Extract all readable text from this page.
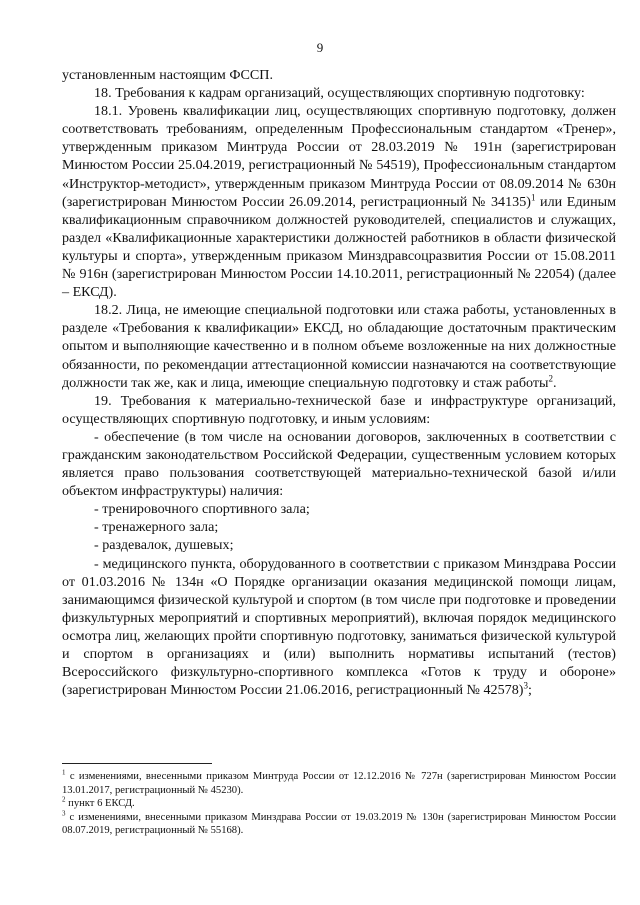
9

установленным настоящим ФССП.

18. Требования к кадрам организаций, осуществляющих спортивную подготовку:

18.1. Уровень квалификации лиц, осуществляющих спортивную подготовку, должен соответствовать требованиям, определенным Профессиональным стандартом «Тренер», утвержденным приказом Минтруда России от 28.03.2019 № 191н (зарегистрирован Минюстом России 25.04.2019, регистрационный № 54519), Профессиональным стандартом «Инструктор-методист», утвержденным приказом Минтруда России от 08.09.2014 № 630н (зарегистрирован Минюстом России 26.09.2014, регистрационный № 34135)$^1$ или Единым квалификационным справочником должностей руководителей, специалистов и служащих, раздел «Квалификационные характеристики должностей работников в области физической культуры и спорта», утвержденным приказом Минздравсоцразвития России от 15.08.2011 № 916н (зарегистрирован Минюстом России 14.10.2011, регистрационный № 22054) (далее – ЕКСД).

18.2. Лица, не имеющие специальной подготовки или стажа работы, установленных в разделе «Требования к квалификации» ЕКСД, но обладающие достаточным практическим опытом и выполняющие качественно и в полном объеме возложенные на них должностные обязанности, по рекомендации аттестационной комиссии назначаются на соответствующие должности так же, как и лица, имеющие специальную подготовку и стаж работы$^2$.

19. Требования к материально-технической базе и инфраструктуре организаций, осуществляющих спортивную подготовку, и иным условиям:

- обеспечение (в том числе на основании договоров, заключенных в соответствии с гражданским законодательством Российской Федерации, существенным условием которых является право пользования соответствующей материально-технической базой и/или объектом инфраструктуры) наличия:

- тренировочного спортивного зала;

- тренажерного зала;

- раздевалок, душевых;

- медицинского пункта, оборудованного в соответствии с приказом Минздрава России от 01.03.2016 № 134н «О Порядке организации оказания медицинской помощи лицам, занимающимся физической культурой и спортом (в том числе при подготовке и проведении физкультурных мероприятий и спортивных мероприятий), включая порядок медицинского осмотра лиц, желающих пройти спортивную подготовку, заниматься физической культурой и спортом в организациях и (или) выполнить нормативы испытаний (тестов) Всероссийского физкультурно-спортивного комплекса «Готов к труду и обороне» (зарегистрирован Минюстом России 21.06.2016, регистрационный № 42578)$^3$;

$^1$ с изменениями, внесенными приказом Минтруда России от 12.12.2016 № 727н (зарегистрирован Минюстом России 13.01.2017, регистрационный № 45230).

$^2$ пункт 6 ЕКСД.

$^3$ с изменениями, внесенными приказом Минздрава России от 19.03.2019 № 130н (зарегистрирован Минюстом России 08.07.2019, регистрационный № 55168).
